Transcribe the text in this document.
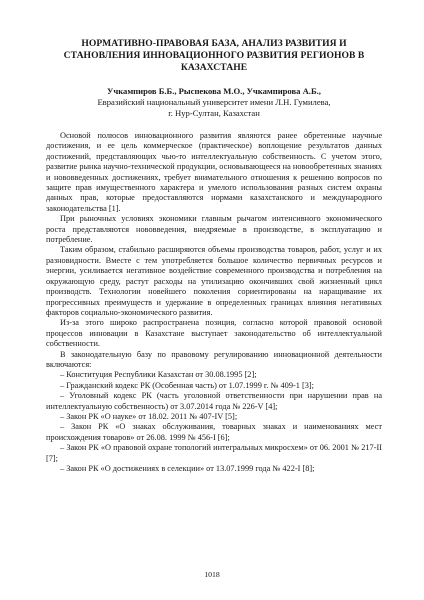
НОРМАТИВНО-ПРАВОВАЯ БАЗА, АНАЛИЗ РАЗВИТИЯ И СТАНОВЛЕНИЯ ИННОВАЦИОННОГО РАЗВИТИЯ РЕГИОНОВ В КАЗАХСТАНЕ
Учкампиров Б.Б., Рыспекова М.О., Учкампирова А.Б.,
Евразийский национальный университет имени Л.Н. Гумилева,
г. Нур-Султан, Казахстан

Основой полюсов инновационного развития являются ранее обретенные научные достижения, и ее цель коммерческое (практическое) воплощение результатов данных достижений, представляющих чью-то интеллектуальную собственность. С учетом этого, развитие рынка научно-технической продукции, основывающееся на новообретенных знаниях и нововведенных достижениях, требует внимательного отношения к решению вопросов по защите прав имущественного характера и умелого использования разных систем охраны данных прав, которые предоставляются нормами казахстанского и международного законодательства [1].

При рыночных условиях экономики главным рычагом интенсивного экономического роста представляются нововведения, внедряемые в производстве, в эксплуатацию и потребление.

Таким образом, стабильно расширяются объемы производства товаров, работ, услуг и их разновидности. Вместе с тем употребляется большое количество первичных ресурсов и энергии, усиливается негативное воздействие современного производства и потребления на окружающую среду, растут расходы на утилизацию окончивших свой жизненный цикл производств. Технологии новейшего поколения сориентированы на наращивание их прогрессивных преимуществ и удержание в определенных границах влияния негативных факторов социально-экономического развития.

Из-за этого широко распространена позиция, согласно которой правовой основой процессов инновации в Казахстане выступает законодательство об интеллектуальной собственности.

В законодательную базу по правовому регулированию инновационной деятельности включаются:

– Конституция Республики Казахстан от 30.08.1995 [2];
– Гражданский кодекс РК (Особенная часть) от 1.07.1999 г. № 409-1 [3];
– Уголовный кодекс РК (часть уголовной ответственности при нарушении прав на интеллектуальную собственность) от 3.07.2014 года № 226-V [4];
– Закон РК «О науке» от 18.02. 2011 № 407-IV [5];
– Закон РК «О знаках обслуживания, товарных знаках и наименованиях мест происхождения товаров» от 26.08. 1999 № 456-I [6];
– Закон РК «О правовой охране топологий интегральных микросхем» от 06. 2001 № 217-II [7];
– Закон РК «О достижениях в селекции» от 13.07.1999 года № 422-I [8];
1018
